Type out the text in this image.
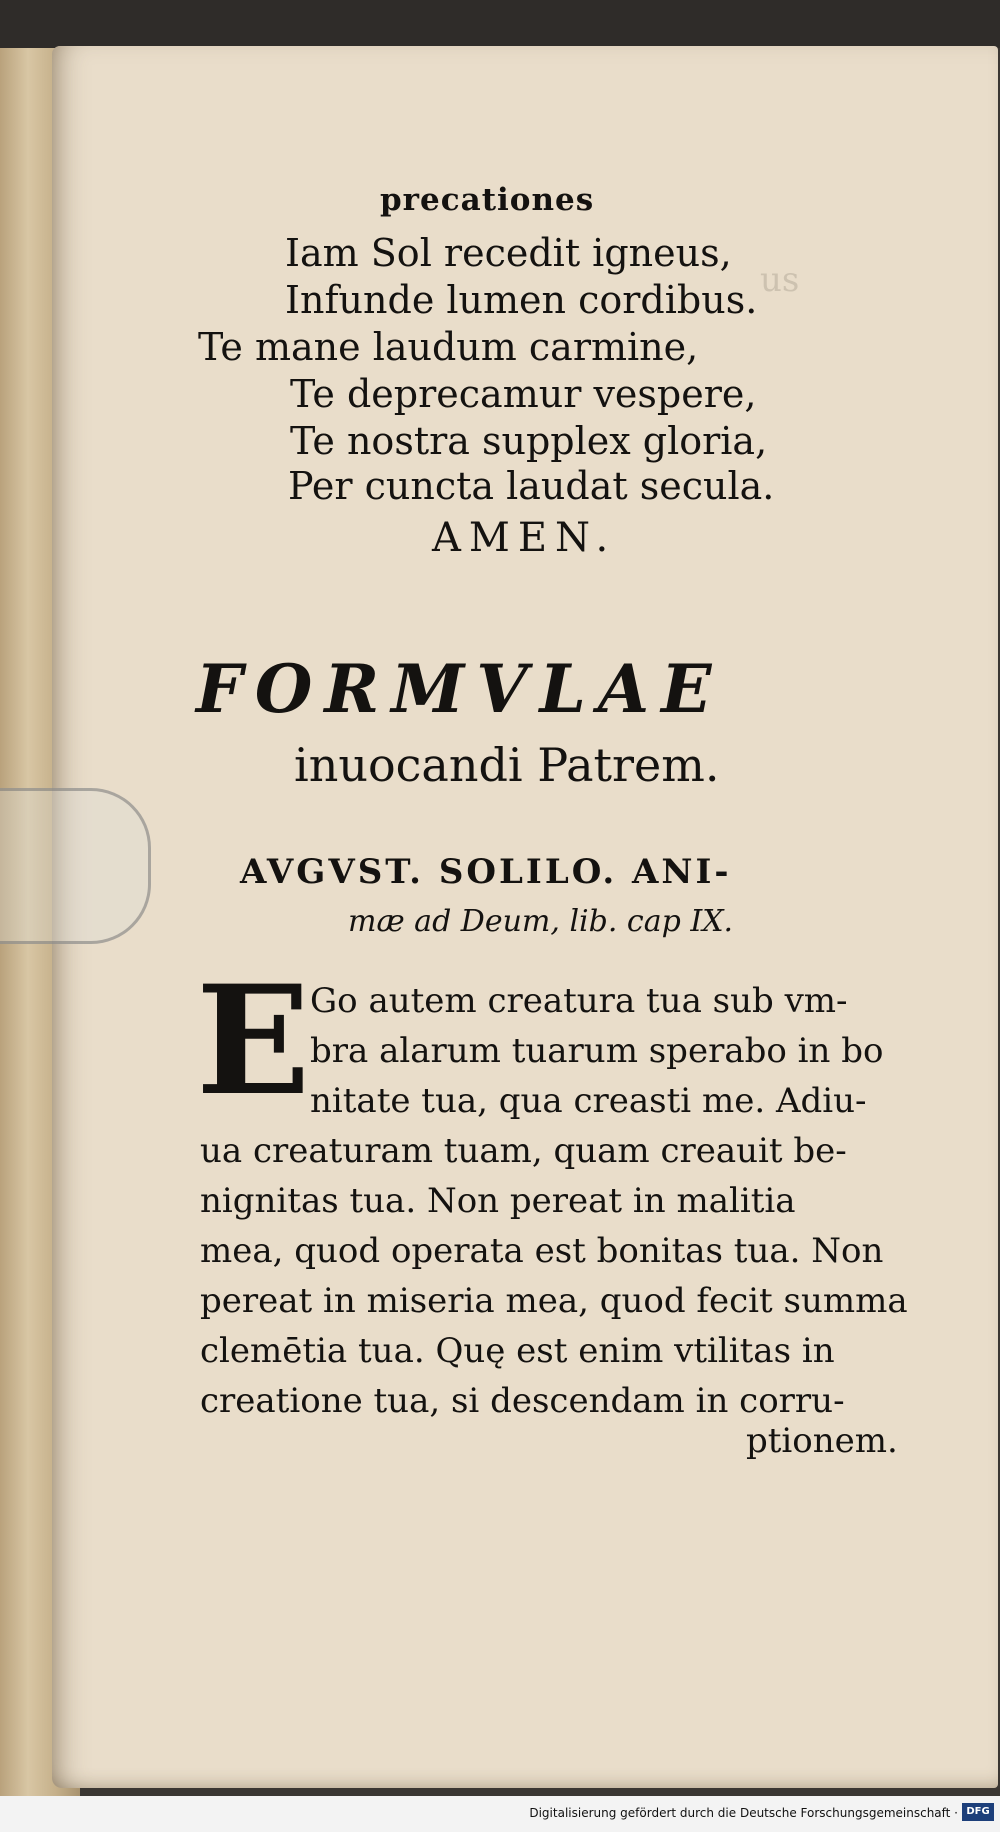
us
precationes
Iam Sol recedit igneus,
Infunde lumen cordibus.
Te mane laudum carmine,
Te deprecamur vespere,
Te nostra supplex gloria,
Per cuncta laudat secula.
AMEN.
FORMVLAE
inuocandi Patrem.
AVGVST. SOLILO. ANI-
mæ ad Deum, lib. cap IX.
E Go autem creatura tua sub vm-
bra alarum tuarum sperabo in bo
nitate tua, qua creasti me. Adiu-
ua creaturam tuam, quam creauit be-
nignitas tua. Non pereat in malitia
mea, quod operata est bonitas tua. Non
pereat in miseria mea, quod fecit summa
clemētia tua. Quę est enim vtilitas in
creatione tua, si descendam in corru-
ptionem.
Digitalisierung gefördert durch die Deutsche Forschungsgemeinschaft · DFG
